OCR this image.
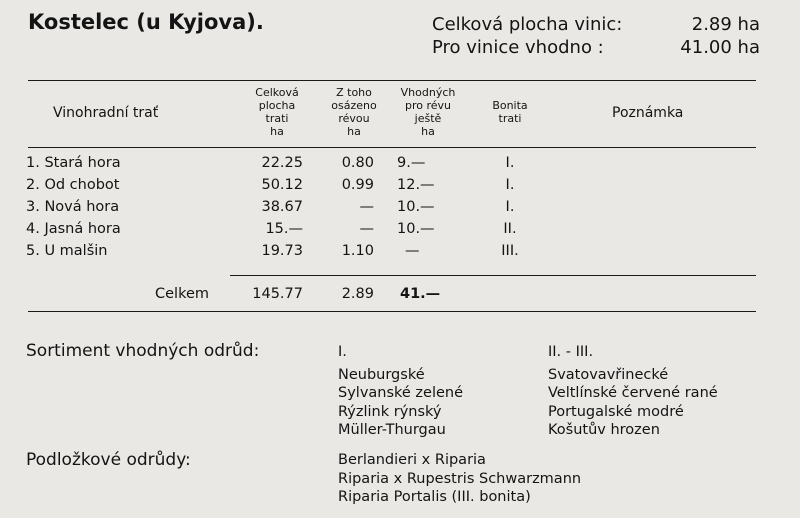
Kostelec (u Kyjova).	Celková plocha vinic:	2.89 ha
Pro vinice vhodno :	41.00 ha
Vinohradní trať
Celková
plocha
trati
ha
Z toho
osázeno
révou
ha
Vhodných
pro révu
ještě
ha
Bonita
trati	Poznámka
1. Stará hora	22.25	0.80 9.—	I.
2. Od chobot	50.12	0.99 12.—	I.
3. Nová hora	38.67	— 10.—	I.
4. Jasná hora	15.—	— 10.—	II.
5. U malšin	19.73	1.10 —	III.
Celkem	145.77	2.89 41.—
Sortiment vhodných odrůd:	I.
Neuburgské
Sylvanské zelené
Rýzlink rýnský
Müller-Thurgau
II. - III.
Svatovavřinecké
Veltlínské červené rané
Portugalské modré
Košutův hrozen
Podložkové odrůdy:	Berlandieri x Riparia
Riparia x Rupestris Schwarzmann
Riparia Portalis (III. bonita)
